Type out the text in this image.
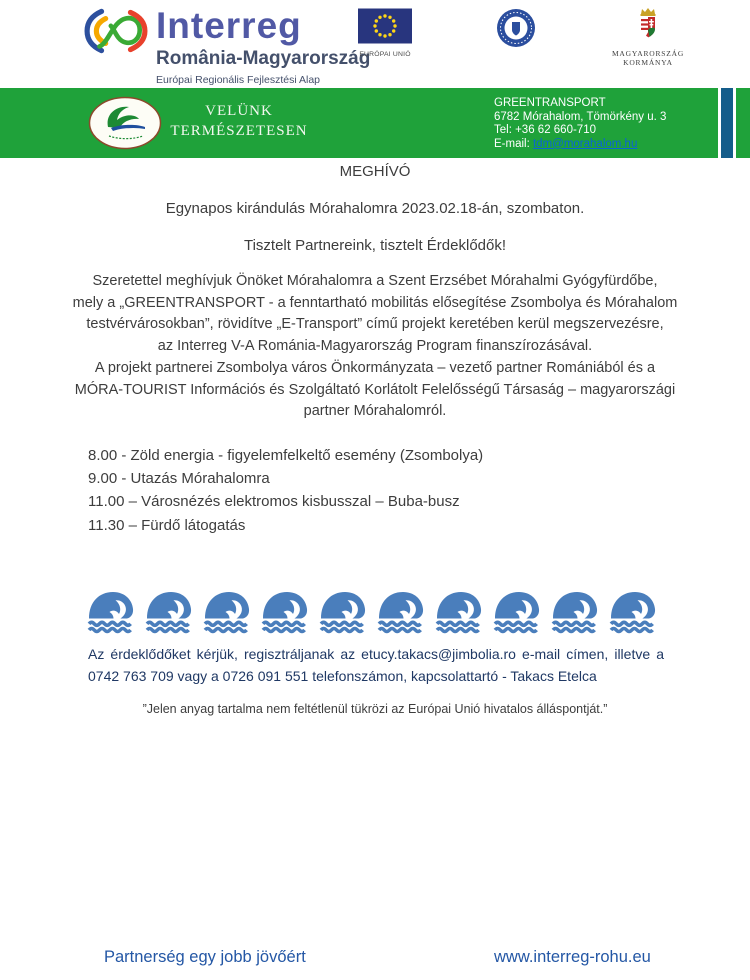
Interreg
România-Magyarország
Európai Regionális Fejlesztési Alap
EURÓPAI UNIÓ	MAGYARORSZÁG
KORMÁNYA
VELÜNK
TERMÉSZETESEN
GREENTRANSPORT
6782 Mórahalom, Tömörkény u. 3
Tel: +36 62 660-710
E-mail: tdm@morahalom.hu
MEGHÍVÓ
Egynapos kirándulás Mórahalomra 2023.02.18-án, szombaton.
Tisztelt Partnereink, tisztelt Érdeklődők!
Szeretettel meghívjuk Önöket Mórahalomra a Szent Erzsébet Mórahalmi Gyógyfürdőbe,
mely a „GREENTRANSPORT - a fenntartható mobilitás elősegítése Zsombolya és Mórahalom
testvérvárosokban”, rövidítve „E-Transport” című projekt keretében kerül megszervezésre,
az Interreg V-A Románia-Magyarország Program finanszírozásával.
A projekt partnerei Zsombolya város Önkormányzata – vezető partner Romániából és a
MÓRA-TOURIST Információs és Szolgáltató Korlátolt Felelősségű Társaság – magyarországi
partner Mórahalomról.
8.00 - Zöld energia - figyelemfelkeltő esemény (Zsombolya)
9.00 - Utazás Mórahalomra
11.00 – Városnézés elektromos kisbusszal – Buba-busz
11.30 – Fürdő látogatás
Az érdeklődőket kérjük, regisztráljanak az etucy.takacs@jimbolia.ro e-mail címen, illetve a 0742 763 709 vagy a 0726 091 551 telefonszámon, kapcsolattartó - Takacs Etelca
”Jelen anyag tartalma nem feltétlenül tükrözi az Európai Unió hivatalos álláspontját.”
Partnerség egy jobb jövőért	www.interreg-rohu.eu
